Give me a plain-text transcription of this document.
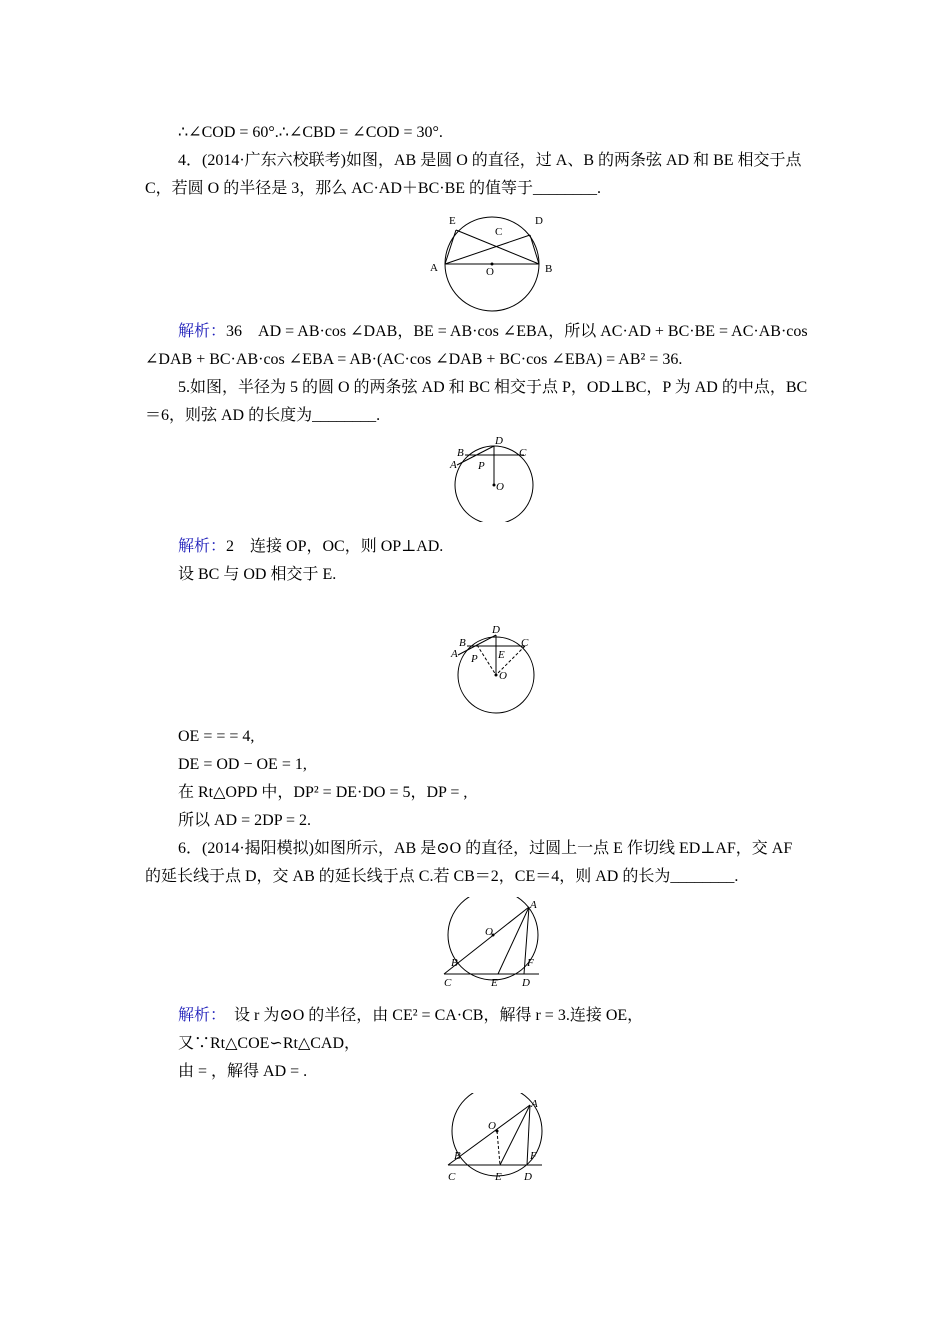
∴∠COD = 60°.∴∠CBD = ∠COD = 30°.
4．(2014·广东六校联考)如图，AB 是圆 O 的直径，过 A、B 的两条弦 AD 和 BE 相交于点
C，若圆 O 的半径是 3，那么 AC·AD＋BC·BE 的值等于________.
E	D
C
A	O	B
解析：36　AD = AB·cos ∠DAB，BE = AB·cos ∠EBA，所以 AC·AD + BC·BE = AC·AB·cos
∠DAB + BC·AB·cos ∠EBA = AB·(AC·cos ∠DAB + BC·cos ∠EBA) = AB² = 36.
5.如图，半径为 5 的圆 O 的两条弦 AD 和 BC 相交于点 P，OD⊥BC，P 为 AD 的中点，BC
＝6，则弦 AD 的长度为________.
B
D
C
A P
O
解析：2　连接 OP，OC，则 OP⊥AD.
设 BC 与 OD 相交于 E.
B
D
C
A P E
O
OE = = = 4,
DE = OD − OE = 1,
在 Rt△OPD 中，DP² = DE·DO = 5，DP = ,
所以 AD = 2DP = 2.
6．(2014·揭阳模拟)如图所示，AB 是⊙O 的直径，过圆上一点 E 作切线 ED⊥AF，交 AF
的延长线于点 D，交 AB 的延长线于点 C.若 CB＝2，CE＝4，则 AD 的长为________.
A
O
B	F
C	E D
解析：　设 r 为⊙O 的半径，由 CE² = CA·CB，解得 r = 3.连接 OE，
又∵Rt△COE∽Rt△CAD，
由 = ，解得 AD = .
A
O
B	F
C	E D
